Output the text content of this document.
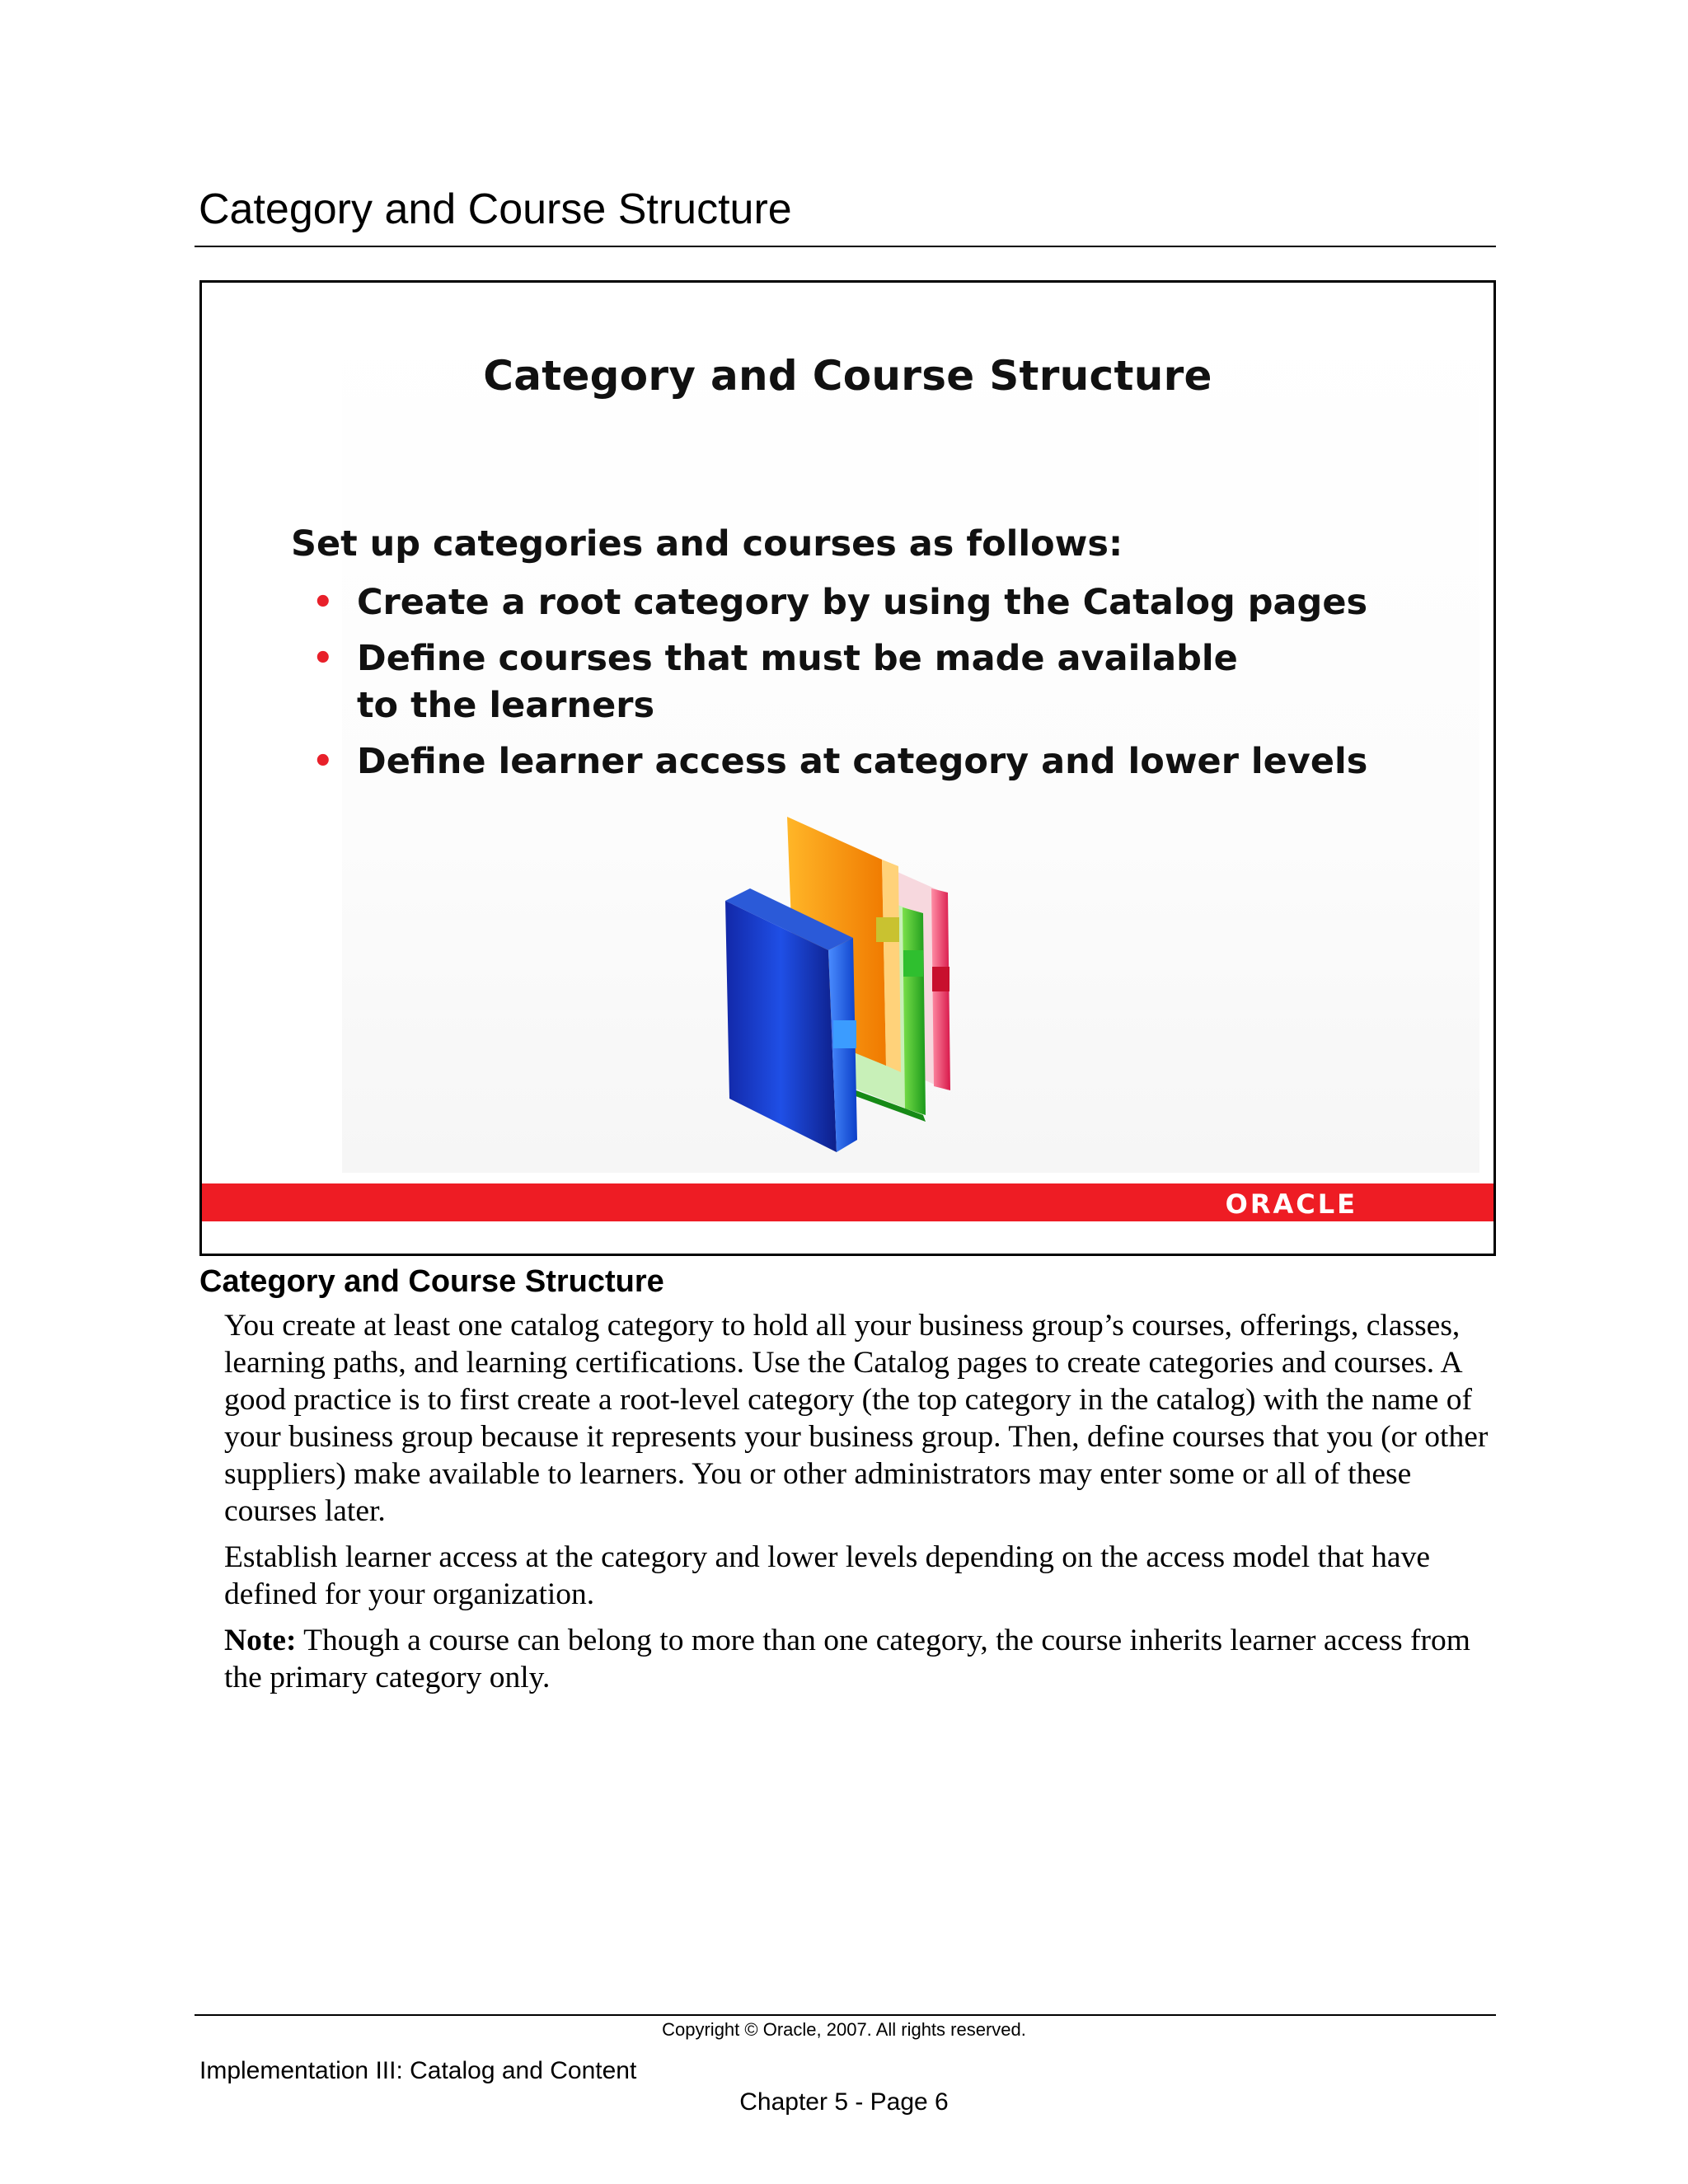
Category and Course Structure
Category and Course Structure
Set up categories and courses as follows:
• Create a root category by using the Catalog pages
• Define courses that must be made available to the learners
• Define learner access at category and lower levels
ORACLE
Category and Course Structure

You create at least one catalog category to hold all your business group’s courses, offerings, classes, learning paths, and learning certifications. Use the Catalog pages to create categories and courses. A good practice is to first create a root-level category (the top category in the catalog) with the name of your business group because it represents your business group. Then, define courses that you (or other suppliers) make available to learners. You or other administrators may enter some or all of these courses later.

Establish learner access at the category and lower levels depending on the access model that have defined for your organization.

Note: Though a course can belong to more than one category, the course inherits learner access from the primary category only.

Copyright © Oracle, 2007. All rights reserved.
Implementation III: Catalog and Content
Chapter 5 - Page 6
